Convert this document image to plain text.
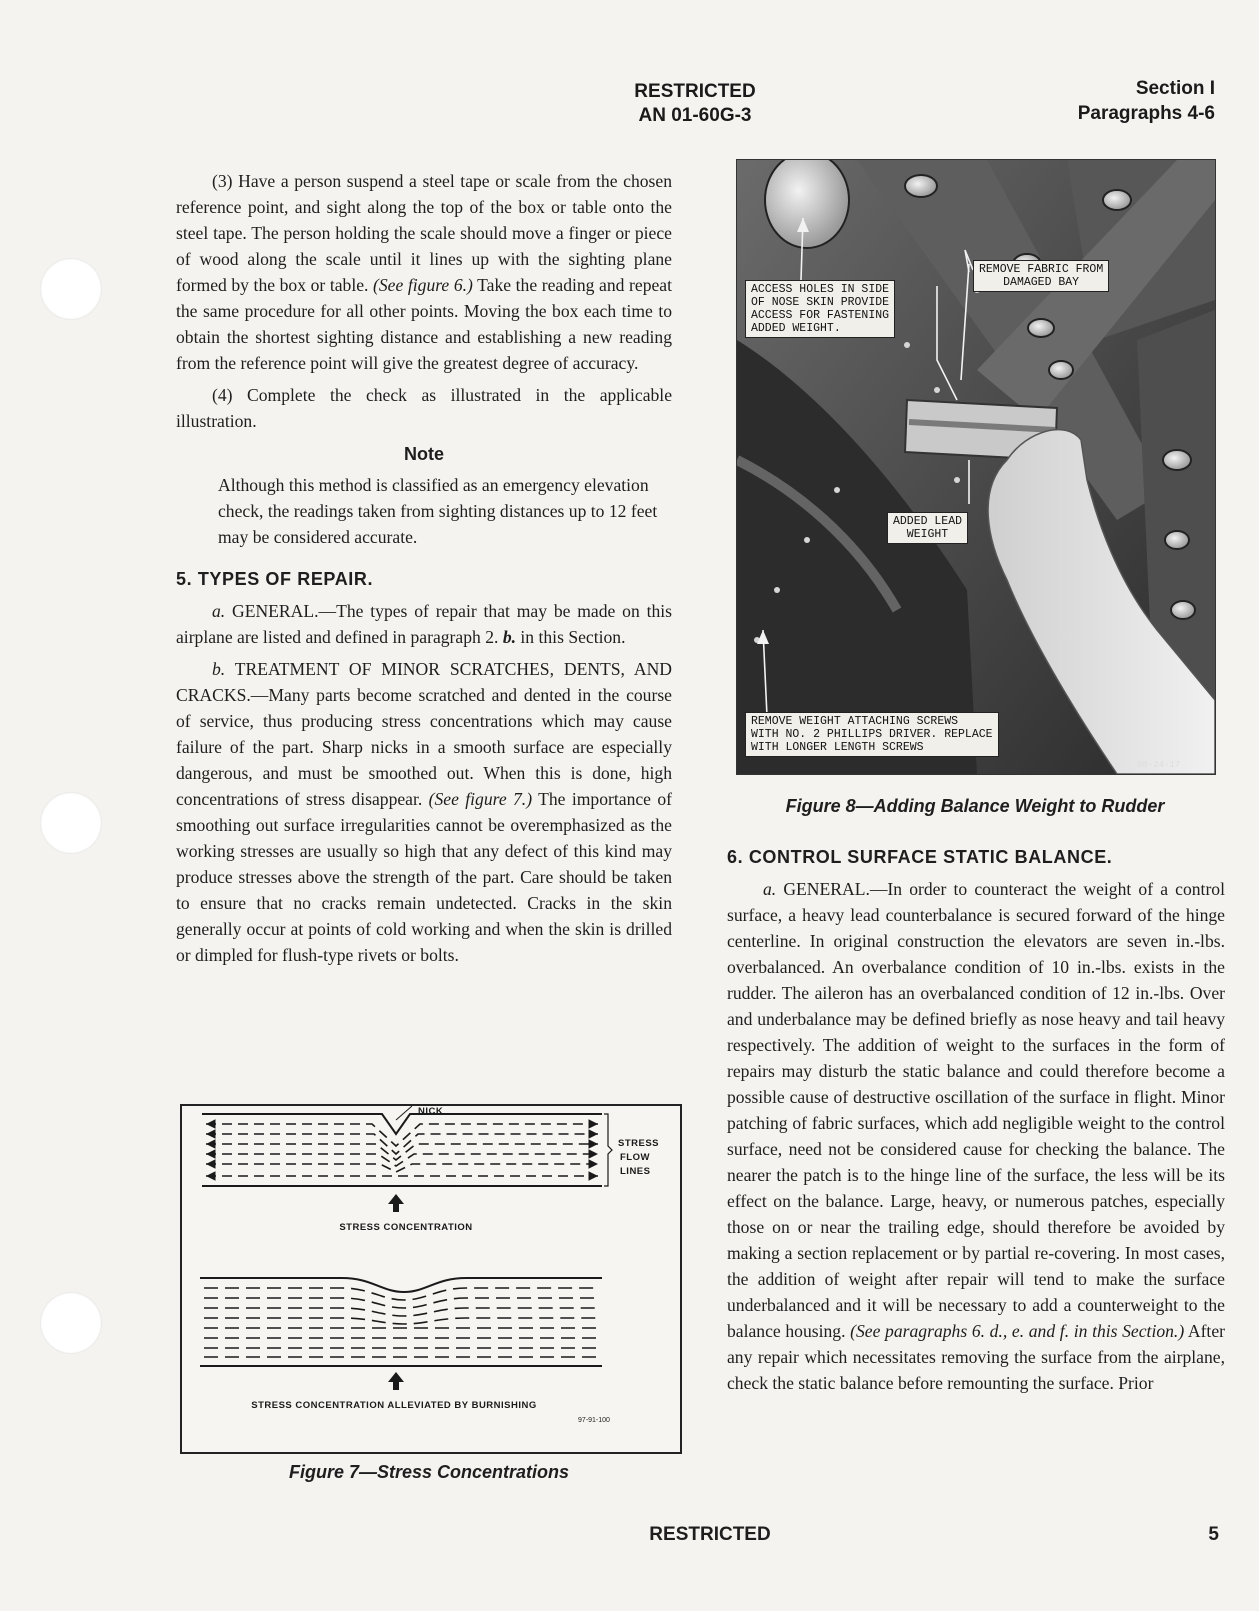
RESTRICTED
AN 01-60G-3
Section I
Paragraphs 4-6

(3) Have a person suspend a steel tape or scale from the chosen reference point, and sight along the top of the box or table onto the steel tape. The person holding the scale should move a finger or piece of wood along the scale until it lines up with the sighting plane formed by the box or table. (See figure 6.) Take the reading and repeat the same procedure for all other points. Moving the box each time to obtain the shortest sighting distance and establishing a new reading from the reference point will give the greatest degree of accuracy.

(4) Complete the check as illustrated in the applicable illustration.

Note

Although this method is classified as an emergency elevation check, the readings taken from sighting distances up to 12 feet may be considered accurate.

5. TYPES OF REPAIR.

a. GENERAL.—The types of repair that may be made on this airplane are listed and defined in paragraph 2. b. in this Section.

b. TREATMENT OF MINOR SCRATCHES, DENTS, AND CRACKS.—Many parts become scratched and dented in the course of service, thus producing stress concentrations which may cause failure of the part. Sharp nicks in a smooth surface are especially dangerous, and must be smoothed out. When this is done, high concentrations of stress disappear. (See figure 7.) The importance of smoothing out surface irregularities cannot be overemphasized as the working stresses are usually so high that any defect of this kind may produce stresses above the strength of the part. Care should be taken to ensure that no cracks remain undetected. Cracks in the skin generally occur at points of cold working and when the skin is drilled or dimpled for flush-type rivets or bolts.

NICK
STRESS
FLOW
LINES
STRESS CONCENTRATION
STRESS CONCENTRATION ALLEVIATED BY BURNISHING
97-91-100
Figure 7—Stress Concentrations
ACCESS HOLES IN SIDE
OF NOSE SKIN PROVIDE
ACCESS FOR FASTENING
ADDED WEIGHT.
REMOVE FABRIC FROM
DAMAGED BAY
ADDED LEAD
WEIGHT
REMOVE WEIGHT ATTACHING SCREWS
WITH NO. 2 PHILLIPS DRIVER. REPLACE
WITH LONGER LENGTH SCREWS
98-24-17
Figure 8—Adding Balance Weight to Rudder

6. CONTROL SURFACE STATIC BALANCE.

a. GENERAL.—In order to counteract the weight of a control surface, a heavy lead counterbalance is secured forward of the hinge centerline. In original construction the elevators are seven in.-lbs. overbalanced. An overbalance condition of 10 in.-lbs. exists in the rudder. The aileron has an overbalanced condition of 12 in.-lbs. Over and underbalance may be defined briefly as nose heavy and tail heavy respectively. The addition of weight to the surfaces in the form of repairs may disturb the static balance and could therefore become a possible cause of destructive oscillation of the surface in flight. Minor patching of fabric surfaces, which add negligible weight to the control surface, need not be considered cause for checking the balance. The nearer the patch is to the hinge line of the surface, the less will be its effect on the balance. Large, heavy, or numerous patches, especially those on or near the trailing edge, should therefore be avoided by making a section replacement or by partial re-covering. In most cases, the addition of weight after repair will tend to make the surface underbalanced and it will be necessary to add a counterweight to the balance housing. (See paragraphs 6. d., e. and f. in this Section.) After any repair which necessitates removing the surface from the airplane, check the static balance before remounting the surface. Prior

RESTRICTED	5
